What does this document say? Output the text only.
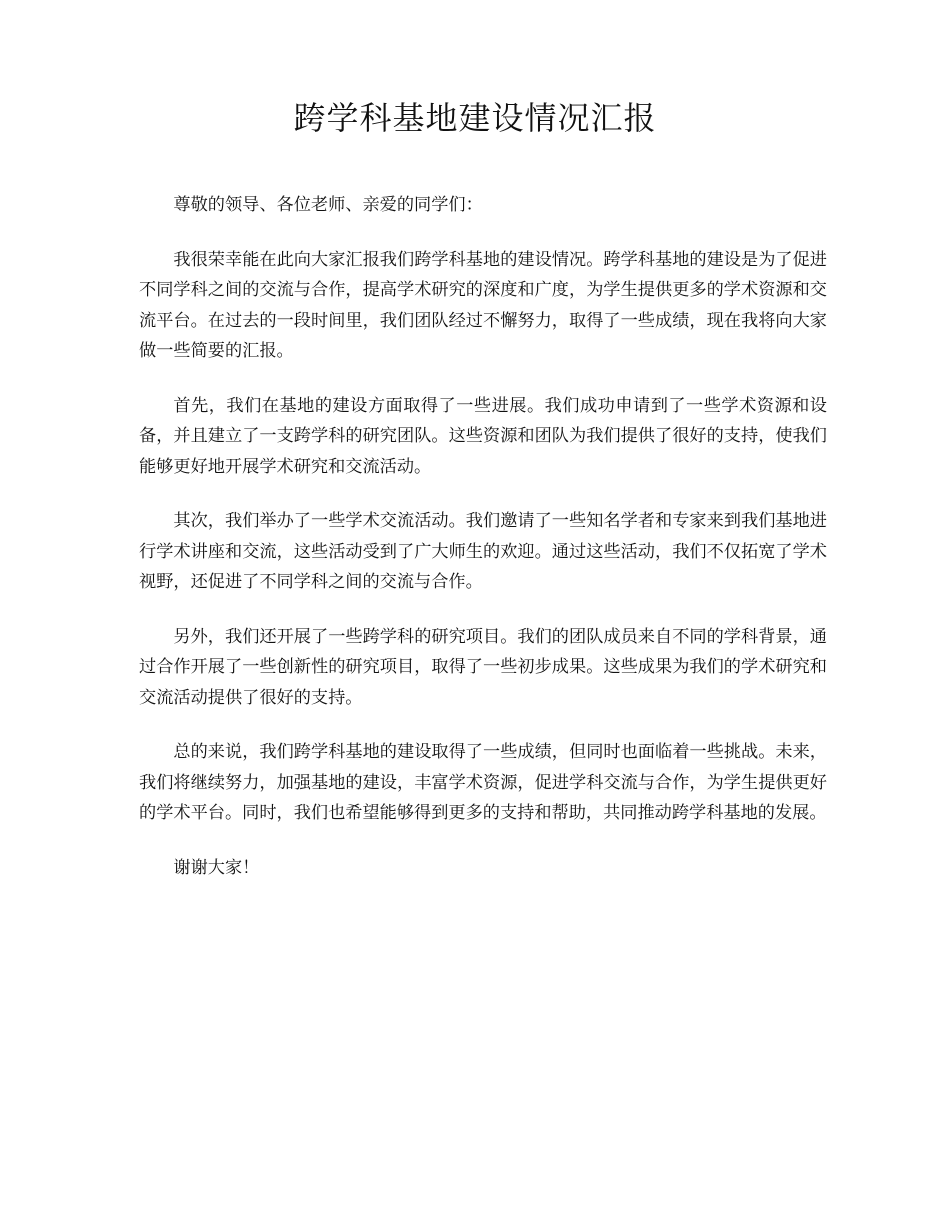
跨学科基地建设情况汇报

尊敬的领导、各位老师、亲爱的同学们：

我很荣幸能在此向大家汇报我们跨学科基地的建设情况。跨学科基地的建设是为了促进不同学科之间的交流与合作，提高学术研究的深度和广度，为学生提供更多的学术资源和交流平台。在过去的一段时间里，我们团队经过不懈努力，取得了一些成绩，现在我将向大家做一些简要的汇报。

首先，我们在基地的建设方面取得了一些进展。我们成功申请到了一些学术资源和设备，并且建立了一支跨学科的研究团队。这些资源和团队为我们提供了很好的支持，使我们能够更好地开展学术研究和交流活动。

其次，我们举办了一些学术交流活动。我们邀请了一些知名学者和专家来到我们基地进行学术讲座和交流，这些活动受到了广大师生的欢迎。通过这些活动，我们不仅拓宽了学术视野，还促进了不同学科之间的交流与合作。

另外，我们还开展了一些跨学科的研究项目。我们的团队成员来自不同的学科背景，通过合作开展了一些创新性的研究项目，取得了一些初步成果。这些成果为我们的学术研究和交流活动提供了很好的支持。

总的来说，我们跨学科基地的建设取得了一些成绩，但同时也面临着一些挑战。未来，我们将继续努力，加强基地的建设，丰富学术资源，促进学科交流与合作，为学生提供更好的学术平台。同时，我们也希望能够得到更多的支持和帮助，共同推动跨学科基地的发展。

谢谢大家！
